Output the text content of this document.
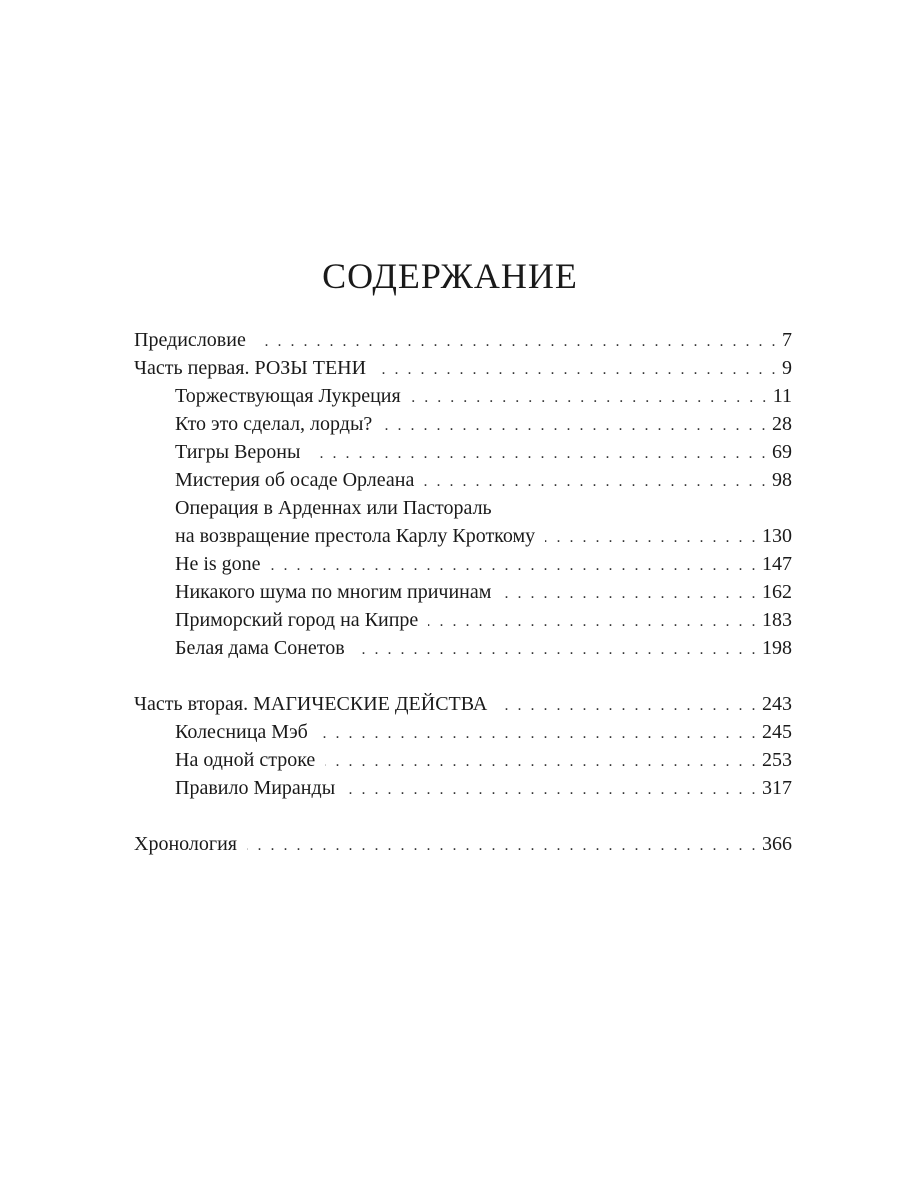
СОДЕРЖАНИЕ
Предисловие . . .	7
Часть первая. РОЗЫ ТЕНИ . . .	9
Торжествующая Лукреция . . .	11
Кто это сделал, лорды? . . .	28
Тигры Вероны . . .	69
Мистерия об осаде Орлеана . . .	98
Операция в Арденнах или Пастораль
на возвращение престола Карлу Кроткому . . .	130
He is gone . . .	147
Никакого шума по многим причинам . . .	162
Приморский город на Кипре . . .	183
Белая дама Сонетов . . .	198
Часть вторая. МАГИЧЕСКИЕ ДЕЙСТВА . . .	243
Колесница Мэб . . .	245
На одной строке . . .	253
Правило Миранды . . .	317
Хронология . . .	366
